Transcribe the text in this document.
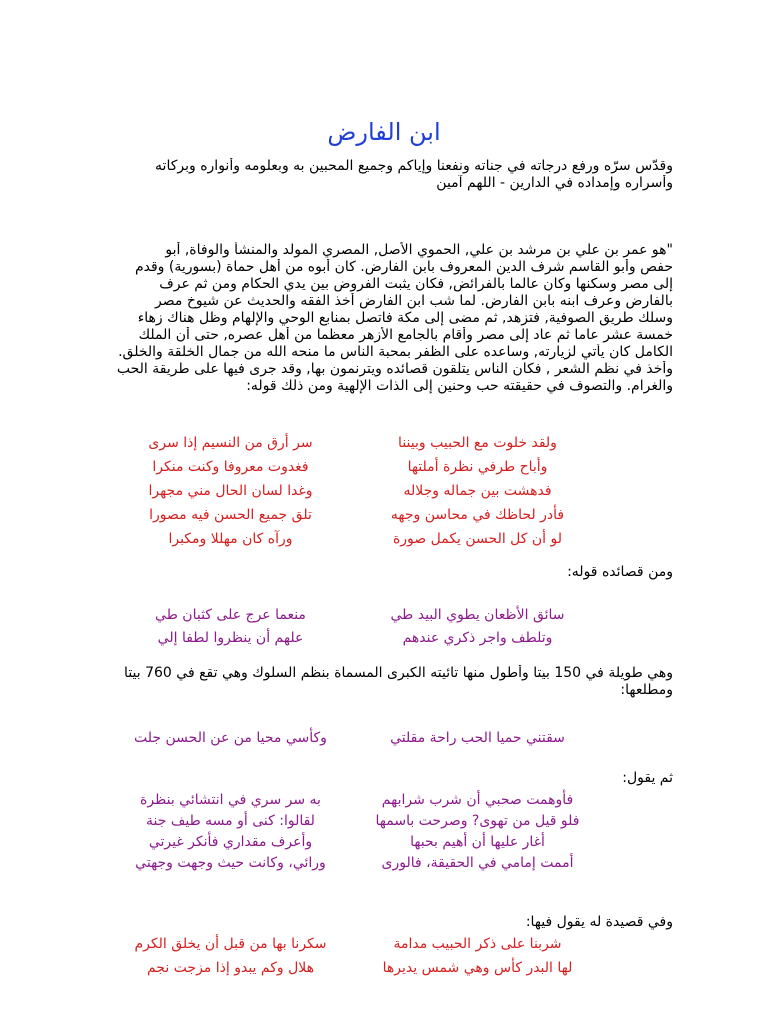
ابن الفارض
وقدّس سرّه ورفع درجاته في جناته ونفعنا وإياكم وجميع المحبين به وبعلومه وأنواره وبركاته
وأسراره وإمداده في الدارين - اللهم آمين
"هو عمر بن علي بن مرشد بن علي, الحموي الأصل, المصري المولد والمنشأ والوفاة, أبو
حفص وأبو القاسم شرف الدين المعروف بابن الفارض. كان أبوه من أهل حماة (بسورية) وقدم
إلى مصر وسكنها وكان عالما بالفرائض, فكان يثبت الفروض بين يدي الحكام ومن ثم عرف
بالفارض وعرف ابنه بابن الفارض. لما شب ابن الفارض أخذ الفقه والحديث عن شيوخ مصر
وسلك طريق الصوفية, فتزهد, ثم مضى إلى مكة فاتصل بمنابع الوحي والإلهام وظل هناك زهاء
خمسة عشر عاما ثم عاد إلى مصر وأقام بالجامع الأزهر معظما من أهل عصره, حتى أن الملك
الكامل كان يأتي لزيارته, وساعده على الظفر بمحبة الناس ما منحه الله من جمال الخلقة والخلق.
وأخذ في نظم الشعر , فكان الناس يتلقون قصائده ويترنمون بها, وقد جرى فيها على طريقة الحب
والغرام. والتصوف في حقيقته حب وحنين إلى الذات الإلهية ومن ذلك قوله:
ولقد خلوت مع الحبيب وبيننا
سر أرق من النسيم إذا سرى
وأباح طرفي نظرة أملتها
فغدوت معروفا وكنت منكرا
فدهشت بين جماله وجلاله
وغدا لسان الحال مني مجهرا
فأدر لحاظك في محاسن وجهه
تلق جميع الحسن فيه مصورا
لو أن كل الحسن يكمل صورة
ورآه كان مهللا ومكبرا
ومن قصائده قوله:
سائق الأظعان يطوي البيد طي
منعما عرج على كثبان طي
وتلطف واجر ذكري عندهم
علهم أن ينظروا لطفا إلي
وهي طويلة في 150 بيتا وأطول منها تائيته الكبرى المسماة بنظم السلوك وهي تقع في 760 بيتا
ومطلعها:
سقتني حميا الحب راحة مقلتي
وكأسي محيا من عن الحسن جلت
ثم يقول:
فأوهمت صحبي أن شرب شرابهم
به سر سري في انتشائي بنظرة
فلو قيل من تهوى? وصرحت باسمها
لقالوا: كنى أو مسه طيف جنة
أغار عليها أن أهيم بحبها
وأعرف مقداري فأنكر غيرتي
أممت إمامي في الحقيقة، فالورى
ورائي، وكانت حيث وجهت وجهتي
وفي قصيدة له يقول فيها:
شربنا على ذكر الحبيب مدامة
سكرنا بها من قبل أن يخلق الكرم
لها البدر كأس وهي شمس يديرها
هلال وكم يبدو إذا مزجت نجم
